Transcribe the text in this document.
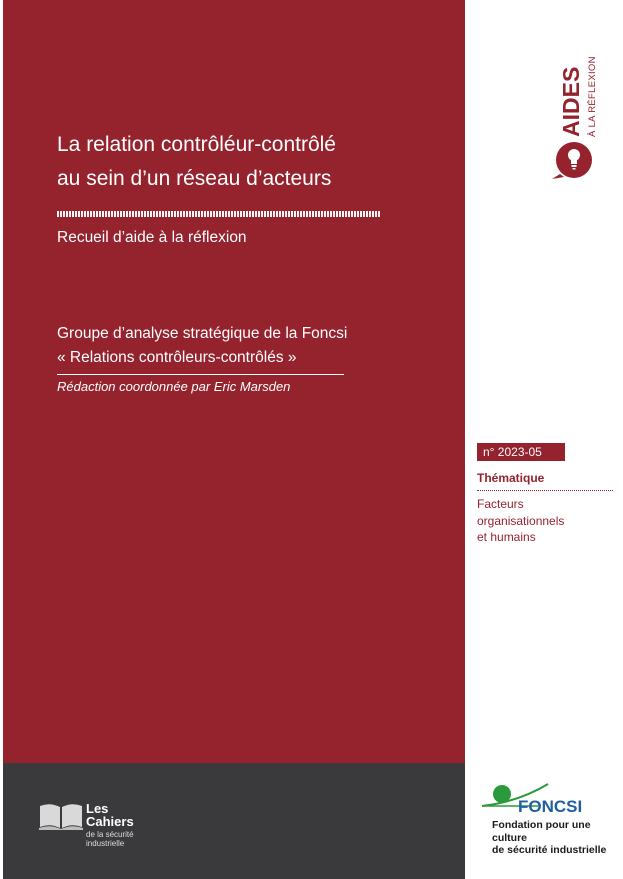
La relation contrôléur-contrôlé
au sein d’un réseau d’acteurs
Recueil d’aide à la réflexion
Groupe d’analyse stratégique de la Foncsi
« Relations contrôleurs-contrôlés »
Rédaction coordonnée par Eric Marsden
AIDES À LA RÉFLEXION
n° 2023-05
Thématique
Facteurs
organisationnels
et humains
Les
Cahiers
de la sécurité industrielle
FONCSI
Fondation pour une culture
de sécurité industrielle
